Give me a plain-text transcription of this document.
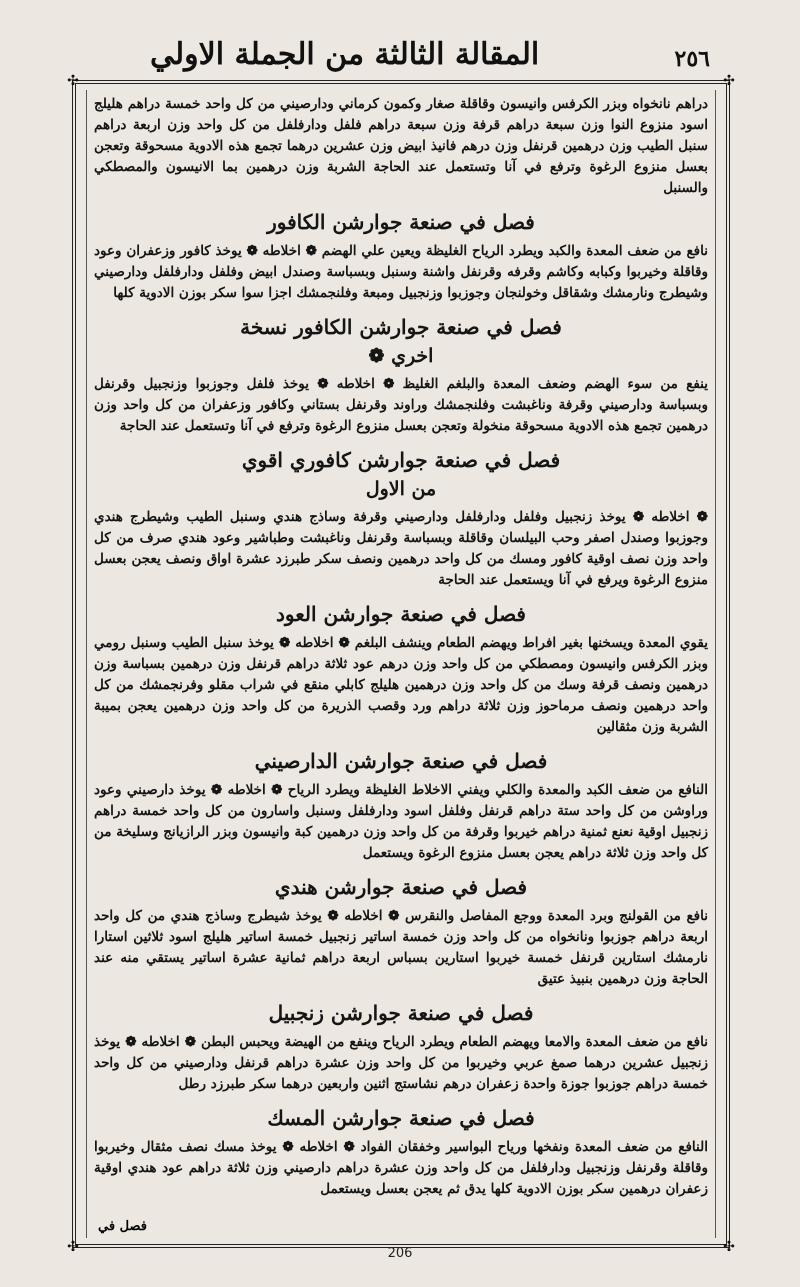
المقالة الثالثة من الجملة الاولي	٢٥٦
✣	✣
✣	✣

دراهم نانخواه وبزر الكرفس وانيسون وقاقلة صغار وكمون كرماني ودارصيني من كل واحد خمسة دراهم هليلج اسود منزوع النوا وزن سبعة دراهم قرفة وزن سبعة دراهم فلفل ودارفلفل من كل واحد وزن اربعة دراهم سنبل الطيب وزن درهمين قرنفل وزن درهم فانيذ ابيض وزن عشرين درهما تجمع هذه الادوية مسحوقة وتعجن بعسل منزوع الرغوة وترفع في آنا وتستعمل عند الحاجة الشربة وزن درهمين بما الانيسون والمصطكي والسنبل

فصل في صنعة جوارشن الكافور

نافع من ضعف المعدة والكبد ويطرد الرياح الغليظة ويعين علي الهضم ❁ اخلاطه ❁ يوخذ كافور وزعفران وعود وقاقلة وخيربوا وكبابه وكاشم وقرفه وقرنفل واشنة وسنبل وبسباسة وصندل ابيض وفلفل ودارفلفل ودارصيني وشيطرج ونارمشك وشقاقل وخولنجان وجوزبوا وزنجبيل ومبعة وفلنجمشك اجزا سوا سكر بوزن الادوية كلها

فصل في صنعة جوارشن الكافور نسخة
اخري ❁

ينفع من سوء الهضم وضعف المعدة والبلغم الغليظ ❁ اخلاطه ❁ يوخذ فلفل وجوزبوا وزنجبيل وقرنفل وبسباسة ودارصيني وقرفة وناغبشت وفلنجمشك وراوند وقرنفل بستاني وكافور وزعفران من كل واحد وزن درهمين تجمع هذه الادوية مسحوقة منخولة وتعجن بعسل منزوع الرغوة وترفع في آنا وتستعمل عند الحاجة

فصل في صنعة جوارشن كافوري اقوي
من الاول

❁ اخلاطه ❁ يوخذ زنجبيل وفلفل ودارفلفل ودارصيني وقرفة وساذج هندي وسنبل الطيب وشيطرج هندي وجوزبوا وصندل اصفر وحب البيلسان وقاقلة وبسباسة وقرنفل وناغبشت وطباشير وعود هندي صرف من كل واحد وزن نصف اوقية كافور ومسك من كل واحد درهمين ونصف سكر طبرزد عشرة اواق ونصف يعجن بعسل منزوع الرغوة ويرفع في آنا ويستعمل عند الحاجة

فصل في صنعة جوارشن العود

يقوي المعدة ويسخنها بغير افراط ويهضم الطعام وينشف البلغم ❁ اخلاطه ❁ يوخذ سنبل الطيب وسنبل رومي وبزر الكرفس وانيسون ومصطكي من كل واحد وزن درهم عود ثلاثة دراهم قرنفل وزن درهمين بسباسة وزن درهمين ونصف قرفة وسك من كل واحد وزن درهمين هليلج كابلي منقع في شراب مقلو وفرنجمشك من كل واحد درهمين ونصف مرماحوز وزن ثلاثة دراهم ورد وقصب الذريرة من كل واحد وزن درهمين يعجن بميبة الشربة وزن مثقالين

فصل في صنعة جوارشن الدارصيني

النافع من ضعف الكبد والمعدة والكلي ويفني الاخلاط الغليظة ويطرد الرياح ❁ اخلاطه ❁ يوخذ دارصيني وعود وراوشن من كل واحد ستة دراهم قرنفل وفلفل اسود ودارفلفل وسنبل واسارون من كل واحد خمسة دراهم زنجبيل اوقية نعنع ثمنية دراهم خيربوا وقرفة من كل واحد وزن درهمين كبة وانيسون وبزر الرازيانج وسليخة من كل واحد وزن ثلاثة دراهم يعجن بعسل منزوع الرغوة ويستعمل

فصل في صنعة جوارشن هندي

نافع من القولنج وبرد المعدة ووجع المفاصل والنقرس ❁ اخلاطه ❁ يوخذ شيطرج وساذج هندي من كل واحد اربعة دراهم جوزبوا ونانخواه من كل واحد وزن خمسة اساتير زنجبيل خمسة اساتير هليلج اسود ثلاثين استارا نارمشك استارين قرنفل خمسة خيربوا استارين بسباس اربعة دراهم ثمانية عشرة اساتير يستقي منه عند الحاجة وزن درهمين بنبيذ عتيق

فصل في صنعة جوارشن زنجبيل

نافع من ضعف المعدة والامعا ويهضم الطعام ويطرد الرياح وينفع من الهيضة ويحبس البطن ❁ اخلاطه ❁ يوخذ زنجبيل عشرين درهما صمغ عربي وخيربوا من كل واحد وزن عشرة دراهم قرنفل ودارصيني من كل واحد خمسة دراهم جوزبوا جوزة واحدة زعفران درهم نشاستج اثنين واربعين درهما سكر طبرزد رطل

فصل في صنعة جوارشن المسك

النافع من ضعف المعدة ونفخها ورياح البواسير وخفقان الفواد ❁ اخلاطه ❁ يوخذ مسك نصف مثقال وخيربوا وقاقلة وقرنفل وزنجبيل ودارفلفل من كل واحد وزن عشرة دراهم دارصيني وزن ثلاثة دراهم عود هندي اوقية زعفران درهمين سكر بوزن الادوية كلها يدق ثم يعجن بعسل ويستعمل

فصل في
206
